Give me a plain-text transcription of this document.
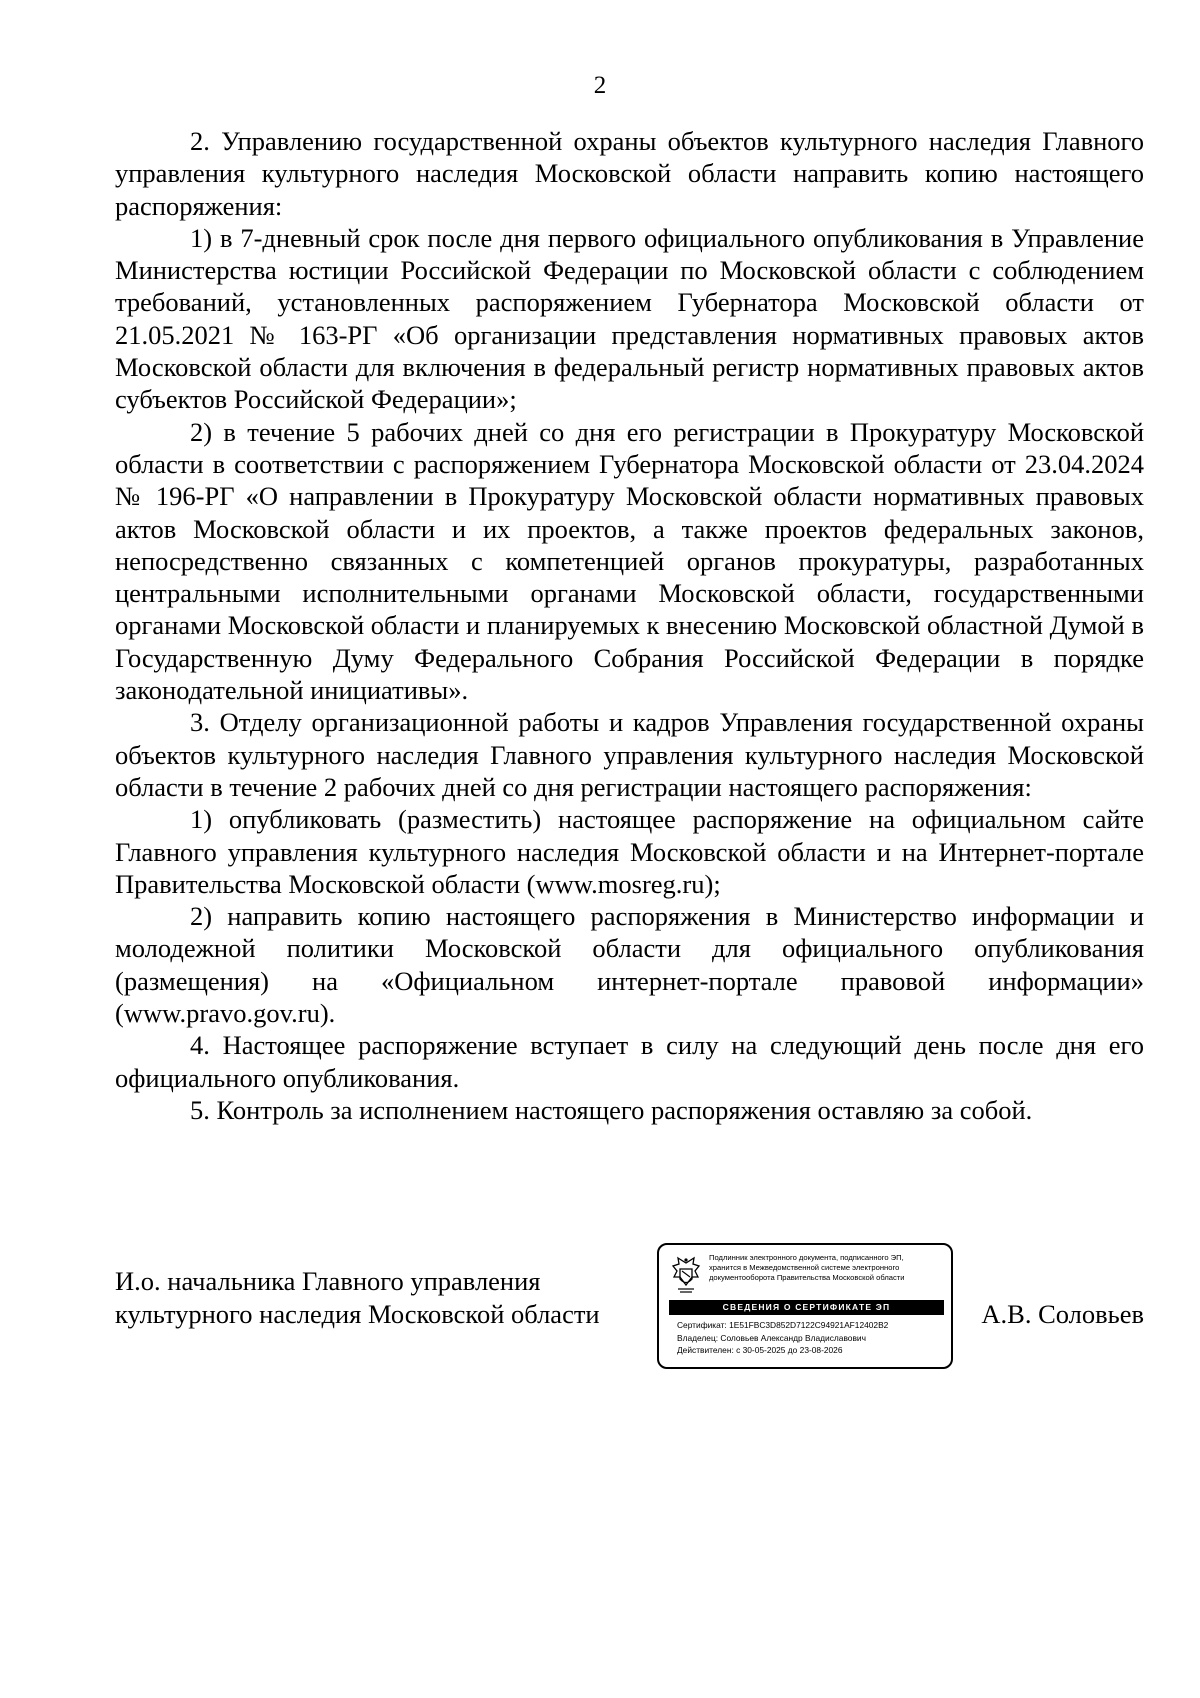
2

2. Управлению государственной охраны объектов культурного наследия Главного управления культурного наследия Московской области направить копию настоящего распоряжения:

1) в 7-дневный срок после дня первого официального опубликования в Управление Министерства юстиции Российской Федерации по Московской области с соблюдением требований, установленных распоряжением Губернатора Московской области от 21.05.2021 № 163-РГ «Об организации представления нормативных правовых актов Московской области для включения в федеральный регистр нормативных правовых актов субъектов Российской Федерации»;

2) в течение 5 рабочих дней со дня его регистрации в Прокуратуру Московской области в соответствии с распоряжением Губернатора Московской области от 23.04.2024 № 196-РГ «О направлении в Прокуратуру Московской области нормативных правовых актов Московской области и их проектов, а также проектов федеральных законов, непосредственно связанных с компетенцией органов прокуратуры, разработанных центральными исполнительными органами Московской области, государственными органами Московской области и планируемых к внесению Московской областной Думой в Государственную Думу Федерального Собрания Российской Федерации в порядке законодательной инициативы».

3. Отделу организационной работы и кадров Управления государственной охраны объектов культурного наследия Главного управления культурного наследия Московской области в течение 2 рабочих дней со дня регистрации настоящего распоряжения:

1) опубликовать (разместить) настоящее распоряжение на официальном сайте Главного управления культурного наследия Московской области и на Интернет-портале Правительства Московской области (www.mosreg.ru);

2) направить копию настоящего распоряжения в Министерство информации и молодежной политики Московской области для официального опубликования (размещения) на «Официальном интернет-портале правовой информации» (www.pravo.gov.ru).

4. Настоящее распоряжение вступает в силу на следующий день после дня его официального опубликования.

5. Контроль за исполнением настоящего распоряжения оставляю за собой.

И.о. начальника Главного управления
культурного наследия Московской области
Подлинник электронного документа, подписанного ЭП,
хранится в Межведомственной системе электронного
документооборота Правительства Московской области
СВЕДЕНИЯ О СЕРТИФИКАТЕ ЭП
Сертификат: 1E51FBC3D852D7122C94921AF12402B2
Владелец: Соловьев Александр Владиславович
Действителен: с 30-05-2025 до 23-08-2026
А.В. Соловьев
